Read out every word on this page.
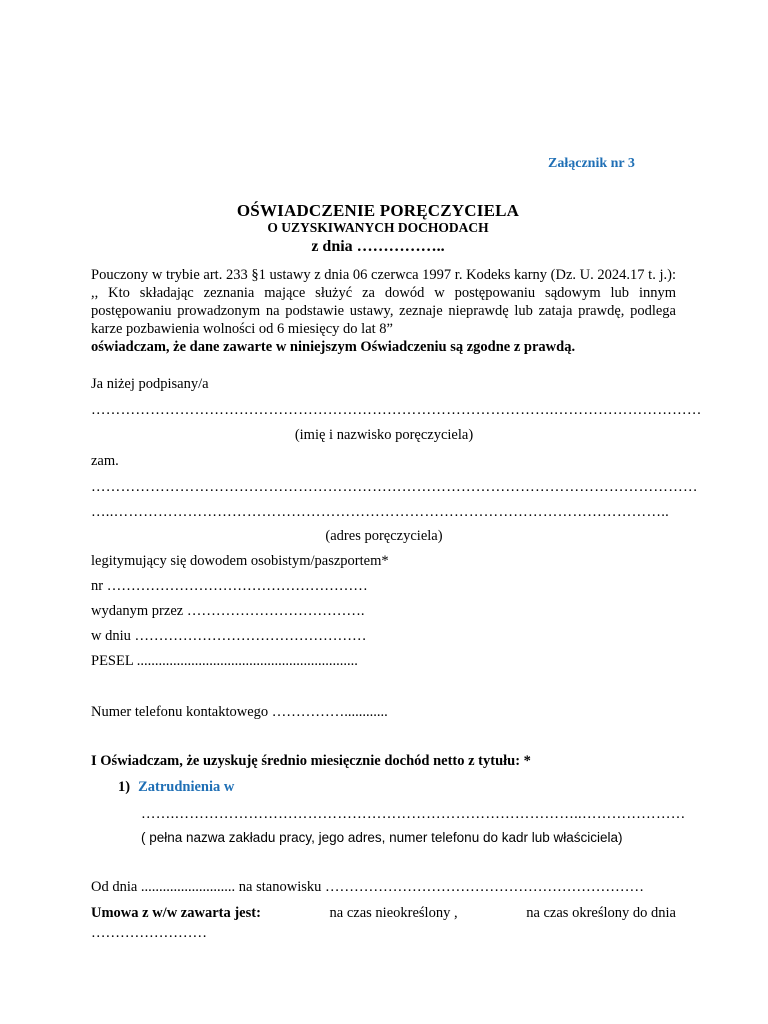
Załącznik nr 3
OŚWIADCZENIE PORĘCZYCIELA
O UZYSKIWANYCH DOCHODACH
z dnia ……………..
Pouczony w trybie art. 233 §1 ustawy z dnia 06 czerwca 1997 r. Kodeks karny (Dz. U. 2024.17 t. j.): ,, Kto składając zeznania mające służyć za dowód w postępowaniu sądowym lub innym postępowaniu prowadzonym na podstawie ustawy, zeznaje nieprawdę lub zataja prawdę, podlega karze pozbawienia wolności od 6 miesięcy do lat 8”
oświadczam, że dane zawarte w niniejszym Oświadczeniu są zgodne z prawdą.
Ja niżej podpisany/a
………………………………………………………………………………….…………………………
(imię i nazwisko poręczyciela)
zam.
……………………………………………………………………………………………………………
…..…………………………………………………………………………………………………..
(adres poręczyciela)
legitymujący się dowodem osobistym/paszportem*
nr ………………………………………………
wydanym przez ……………………………….
w dniu …………………………………………
PESEL .............................................................
Numer telefonu kontaktowego ……………............
I Oświadczam, że uzyskuję średnio miesięcznie dochód netto z tytułu: *
1) Zatrudnienia w
…….………………………………………………………………………..…………………
( pełna nazwa zakładu pracy, jego adres, numer telefonu do kadr lub właściciela)
Od dnia .......................... na stanowisku …………………………………………………………
Umowa z w/w zawarta jest:	na czas nieokreślony ,	na czas określony do dnia
……………………
